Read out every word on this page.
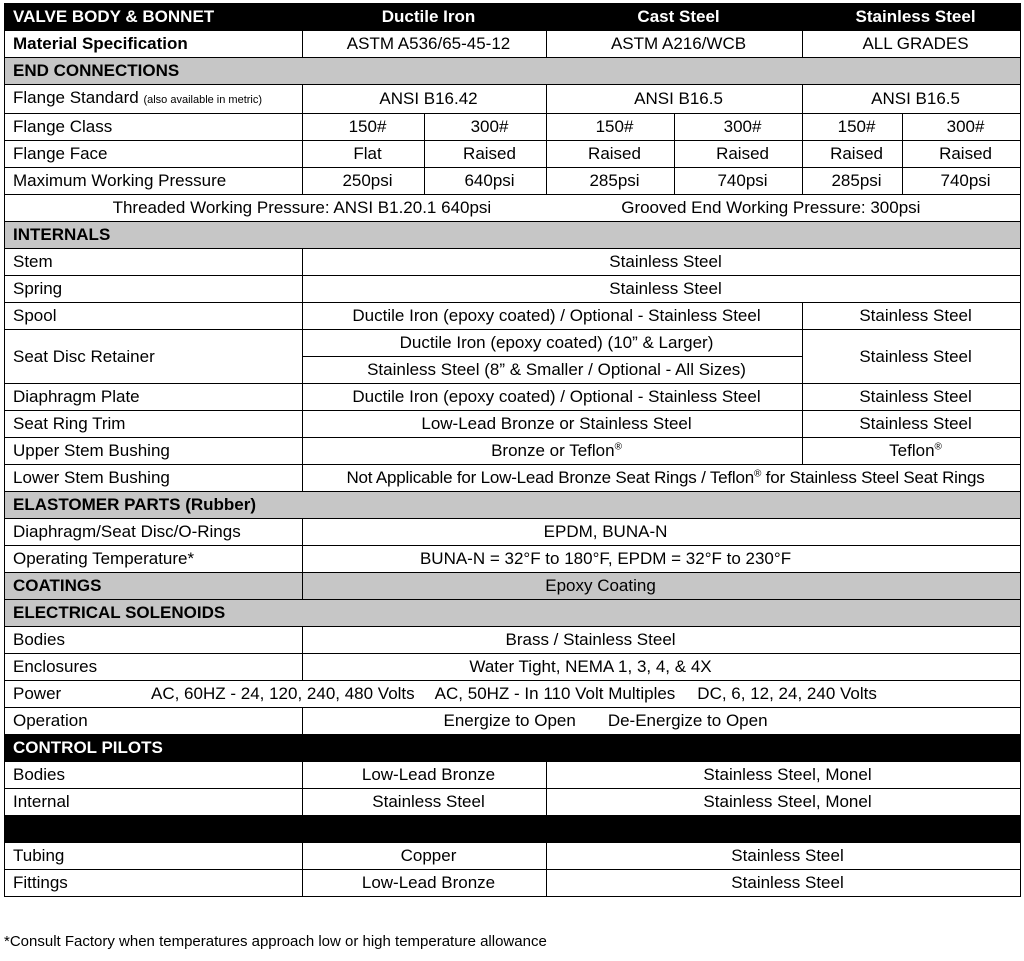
VALVE BODY & BONNET	Ductile Iron		Cast Steel		Stainless Steel	
Material Specification	ASTM A536/65-45-12		ASTM A216/WCB		ALL GRADES	
END CONNECTIONS						
Flange Standard (also available in metric)	ANSI B16.42		ANSI B16.5		ANSI B16.5	
Flange Class	150#	300#	150#	300#	150#	300#
Flange Face	Flat	Raised	Raised	Raised	Raised	Raised
Maximum Working Pressure	250psi	640psi	285psi	740psi	285psi	740psi
Threaded Working Pressure: ANSI B1.20.1 640psi Grooved End Working Pressure: 300psi						
INTERNALS						
Stem	Stainless Steel					
Spring	Stainless Steel					
Spool	Ductile Iron (epoxy coated) / Optional - Stainless Steel				Stainless Steel	
Seat Disc Retainer	Ductile Iron (epoxy coated) (10” & Larger)				Stainless Steel	
	Stainless Steel (8” & Smaller / Optional - All Sizes)					
Diaphragm Plate	Ductile Iron (epoxy coated) / Optional - Stainless Steel				Stainless Steel	
Seat Ring Trim	Low-Lead Bronze or Stainless Steel				Stainless Steel	
Upper Stem Bushing	Bronze or Teflon®				Teflon®
Lower Stem Bushing	Not Applicable for Low-Lead Bronze Seat Rings / Teflon® for Stainless Steel Seat Rings					
ELASTOMER PARTS (Rubber)						
Diaphragm/Seat Disc/O-Rings	EPDM, BUNA-N					
Operating Temperature*	BUNA-N = 32°F to 180°F, EPDM = 32°F to 230°F					
COATINGS	Epoxy Coating					
ELECTRICAL SOLENOIDS						
Bodies	Brass / Stainless Steel					
Enclosures	Water Tight, NEMA 1, 3, 4, & 4X					
Power AC, 60HZ - 24, 120, 240, 480 Volts AC, 50HZ - In 110 Volt Multiples DC, 6, 12, 24, 240 Volts						
Operation	Energize to Open De-Energize to Open					
CONTROL PILOTS						
Bodies	Low-Lead Bronze		Stainless Steel, Monel			
Internal	Stainless Steel		Stainless Steel, Monel			

Tubing	Copper		Stainless Steel			
Fittings	Low-Lead Bronze		Stainless Steel			
*Consult Factory when temperatures approach low or high temperature allowance
